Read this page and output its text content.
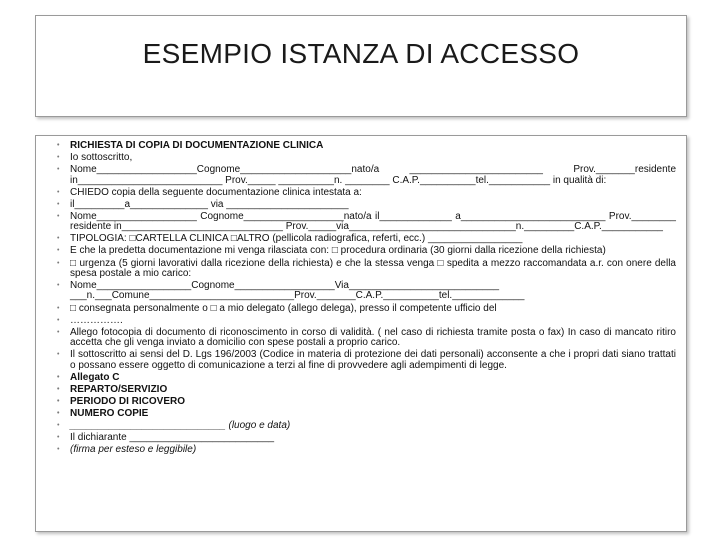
ESEMPIO ISTANZA DI ACCESSO
• RICHIESTA DI COPIA DI DOCUMENTAZIONE CLINICA
• Io sottoscritto,
• Nome__________________Cognome____________________nato/a ________________________ Prov._______residente in__________________________ Prov._____ __________n. ________ C.A.P.__________tel.___________ in qualità di:
• CHIEDO copia della seguente documentazione clinica intestata a:
• il_________a______________ via ______________________
• Nome__________________ Cognome__________________nato/a il_____________ a__________________________ Prov.________ residente in_____________________________ Prov._____via______________________________n._________C.A.P.___________
• TIPOLOGIA: □CARTELLA CLINICA □ALTRO (pellicola radiografica, referti, ecc.) _________________
• E che la predetta documentazione mi venga rilasciata con: □ procedura ordinaria (30 giorni dalla ricezione della richiesta)
• □ urgenza (5 giorni lavorativi dalla ricezione della richiesta) e che la stessa venga □ spedita a mezzo raccomandata a.r. con onere della spesa postale a mio carico:
• Nome_________________Cognome__________________Via___________________________ ___n.___Comune__________________________Prov._______C.A.P.__________tel._____________
• □ consegnata personalmente o □ a mio delegato (allego delega), presso il competente ufficio del
• …………….
• Allego fotocopia di documento di riconoscimento in corso di validità. ( nel caso di richiesta tramite posta o fax) In caso di mancato ritiro accetta che gli venga inviato a domicilio con spese postali a proprio carico.
• Il sottoscritto ai sensi del D. Lgs 196/2003 (Codice in materia di protezione dei dati personali) acconsente a che i propri dati siano trattati o possano essere oggetto di comunicazione a terzi al fine di provvedere agli adempimenti di legge.
• Allegato C
• REPARTO/SERVIZIO
• PERIODO DI RICOVERO
• NUMERO COPIE
• ____________________________ (luogo e data)
• Il dichiarante __________________________
• (firma per esteso e leggibile)
